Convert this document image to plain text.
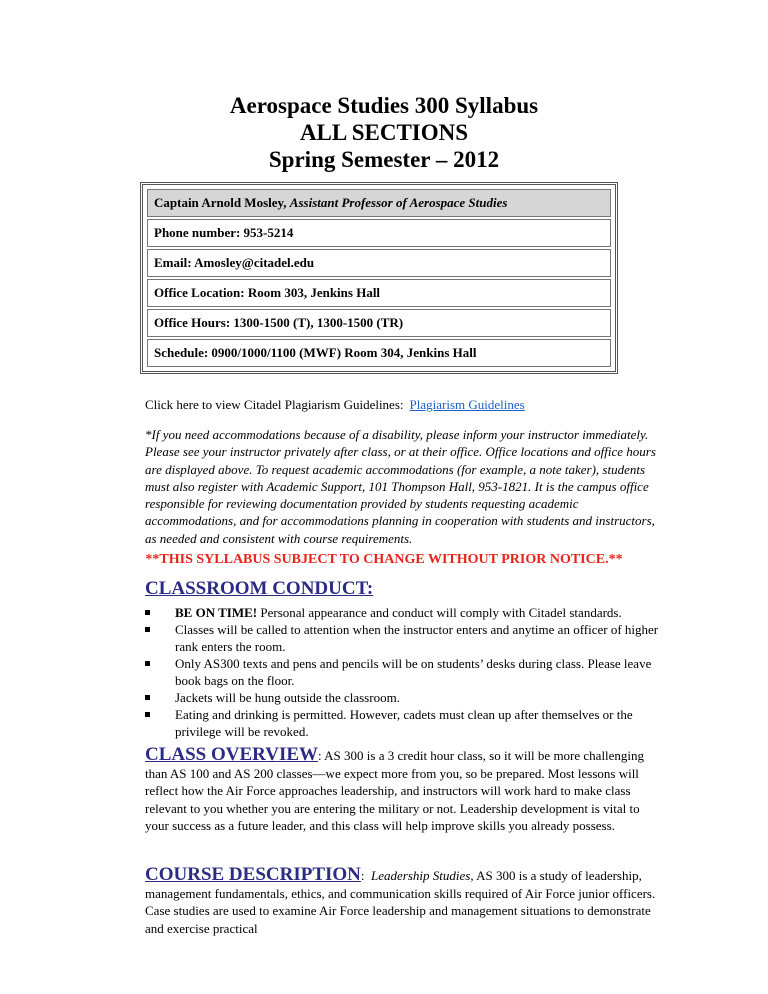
Aerospace Studies 300 Syllabus
ALL SECTIONS
Spring Semester – 2012
Captain Arnold Mosley, Assistant Professor of Aerospace Studies
Phone number: 953-5214
Email: Amosley@citadel.edu
Office Location: Room 303, Jenkins Hall
Office Hours: 1300-1500 (T), 1300-1500 (TR)
Schedule: 0900/1000/1100 (MWF) Room 304, Jenkins Hall
Click here to view Citadel Plagiarism Guidelines: Plagiarism Guidelines
*If you need accommodations because of a disability, please inform your instructor immediately. Please see your instructor privately after class, or at their office. Office locations and office hours are displayed above. To request academic accommodations (for example, a note taker), students must also register with Academic Support, 101 Thompson Hall, 953-1821. It is the campus office responsible for reviewing documentation provided by students requesting academic accommodations, and for accommodations planning in cooperation with students and instructors, as needed and consistent with course requirements.
**THIS SYLLABUS SUBJECT TO CHANGE WITHOUT PRIOR NOTICE.**
CLASSROOM CONDUCT:
BE ON TIME! Personal appearance and conduct will comply with Citadel standards.
Classes will be called to attention when the instructor enters and anytime an officer of higher rank enters the room.
Only AS300 texts and pens and pencils will be on students’ desks during class. Please leave book bags on the floor.
Jackets will be hung outside the classroom.
Eating and drinking is permitted. However, cadets must clean up after themselves or the privilege will be revoked.
CLASS OVERVIEW: AS 300 is a 3 credit hour class, so it will be more challenging than AS 100 and AS 200 classes—we expect more from you, so be prepared. Most lessons will reflect how the Air Force approaches leadership, and instructors will work hard to make class relevant to you whether you are entering the military or not. Leadership development is vital to your success as a future leader, and this class will help improve skills you already possess.
COURSE DESCRIPTION:  Leadership Studies, AS 300 is a study of leadership, management fundamentals, ethics, and communication skills required of Air Force junior officers. Case studies are used to examine Air Force leadership and management situations to demonstrate and exercise practical
